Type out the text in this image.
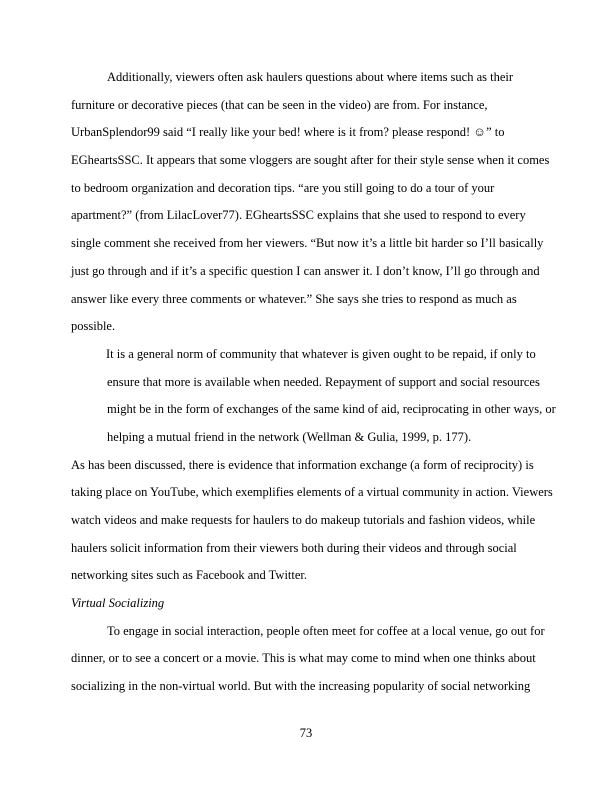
Additionally, viewers often ask haulers questions about where items such as their
furniture or decorative pieces (that can be seen in the video) are from. For instance,
UrbanSplendor99 said “I really like your bed! where is it from? please respond! ☺” to
EGheartsSSC. It appears that some vloggers are sought after for their style sense when it comes
to bedroom organization and decoration tips. “are you still going to do a tour of your
apartment?” (from LilacLover77). EGheartsSSC explains that she used to respond to every
single comment she received from her viewers. “But now it’s a little bit harder so I’ll basically
just go through and if it’s a specific question I can answer it. I don’t know, I’ll go through and
answer like every three comments or whatever.” She says she tries to respond as much as
possible.
It is a general norm of community that whatever is given ought to be repaid, if only to
ensure that more is available when needed. Repayment of support and social resources
might be in the form of exchanges of the same kind of aid, reciprocating in other ways, or
helping a mutual friend in the network (Wellman & Gulia, 1999, p. 177).
As has been discussed, there is evidence that information exchange (a form of reciprocity) is
taking place on YouTube, which exemplifies elements of a virtual community in action. Viewers
watch videos and make requests for haulers to do makeup tutorials and fashion videos, while
haulers solicit information from their viewers both during their videos and through social
networking sites such as Facebook and Twitter.
Virtual Socializing
To engage in social interaction, people often meet for coffee at a local venue, go out for
dinner, or to see a concert or a movie. This is what may come to mind when one thinks about
socializing in the non-virtual world. But with the increasing popularity of social networking
73
